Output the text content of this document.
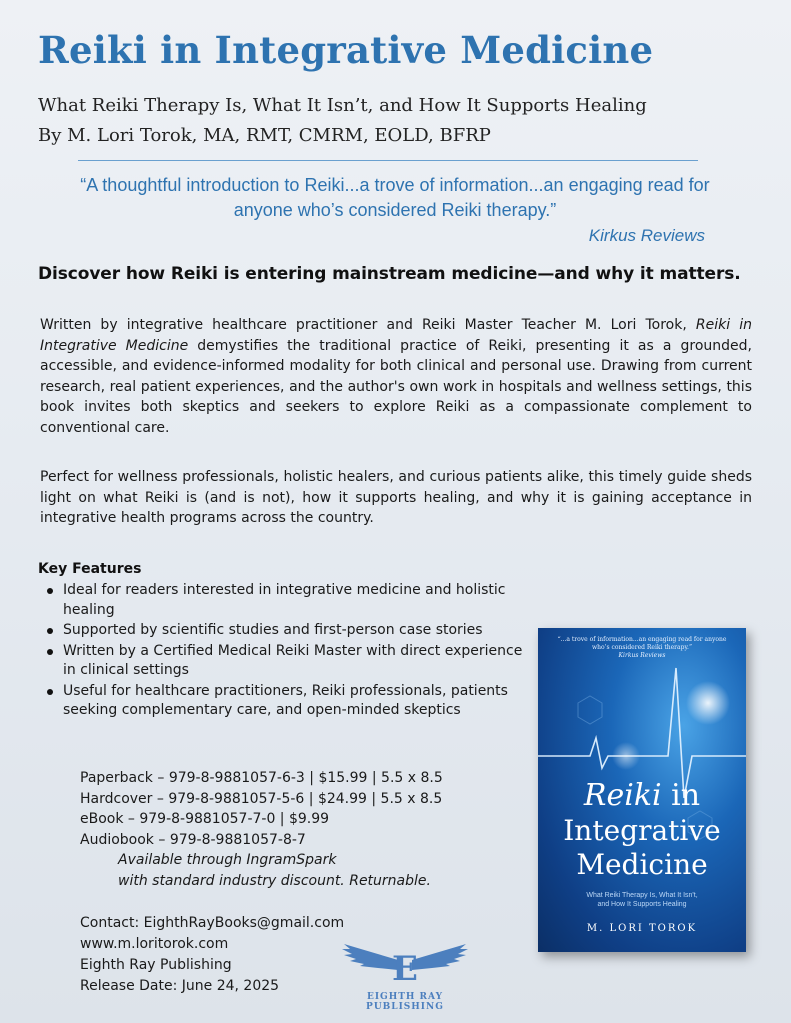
Reiki in Integrative Medicine
What Reiki Therapy Is, What It Isn’t, and How It Supports Healing
By M. Lori Torok, MA, RMT, CMRM, EOLD, BFRP
“A thoughtful introduction to Reiki...a trove of information...an engaging read for anyone who’s considered Reiki therapy.”
Kirkus Reviews
Discover how Reiki is entering mainstream medicine—and why it matters.
Written by integrative healthcare practitioner and Reiki Master Teacher M. Lori Torok, Reiki in Integrative Medicine demystifies the traditional practice of Reiki, presenting it as a grounded, accessible, and evidence-informed modality for both clinical and personal use. Drawing from current research, real patient experiences, and the author's own work in hospitals and wellness settings, this book invites both skeptics and seekers to explore Reiki as a compassionate complement to conventional care.
Perfect for wellness professionals, holistic healers, and curious patients alike, this timely guide sheds light on what Reiki is (and is not), how it supports healing, and why it is gaining acceptance in integrative health programs across the country.
Key Features
Ideal for readers interested in integrative medicine and holistic healing
Supported by scientific studies and first-person case stories
Written by a Certified Medical Reiki Master with direct experience in clinical settings
Useful for healthcare practitioners, Reiki professionals, patients seeking complementary care, and open-minded skeptics
Paperback – 979-8-9881057-6-3 | $15.99 | 5.5 x 8.5
Hardcover – 979-8-9881057-5-6 | $24.99 | 5.5 x 8.5
eBook – 979-8-9881057-7-0 | $9.99
Audiobook – 979-8-9881057-8-7
Available through IngramSpark
with standard industry discount. Returnable.
Contact: EighthRayBooks@gmail.com
www.m.loritorok.com
Eighth Ray Publishing
Release Date: June 24, 2025
“...a trove of information...an engaging read for anyone who’s considered Reiki therapy.”
Kirkus Reviews
Reiki in
Integrative
Medicine
What Reiki Therapy Is, What It Isn't,
and How It Supports Healing
M. LORI TOROK
E
EIGHTH RAY
PUBLISHING
